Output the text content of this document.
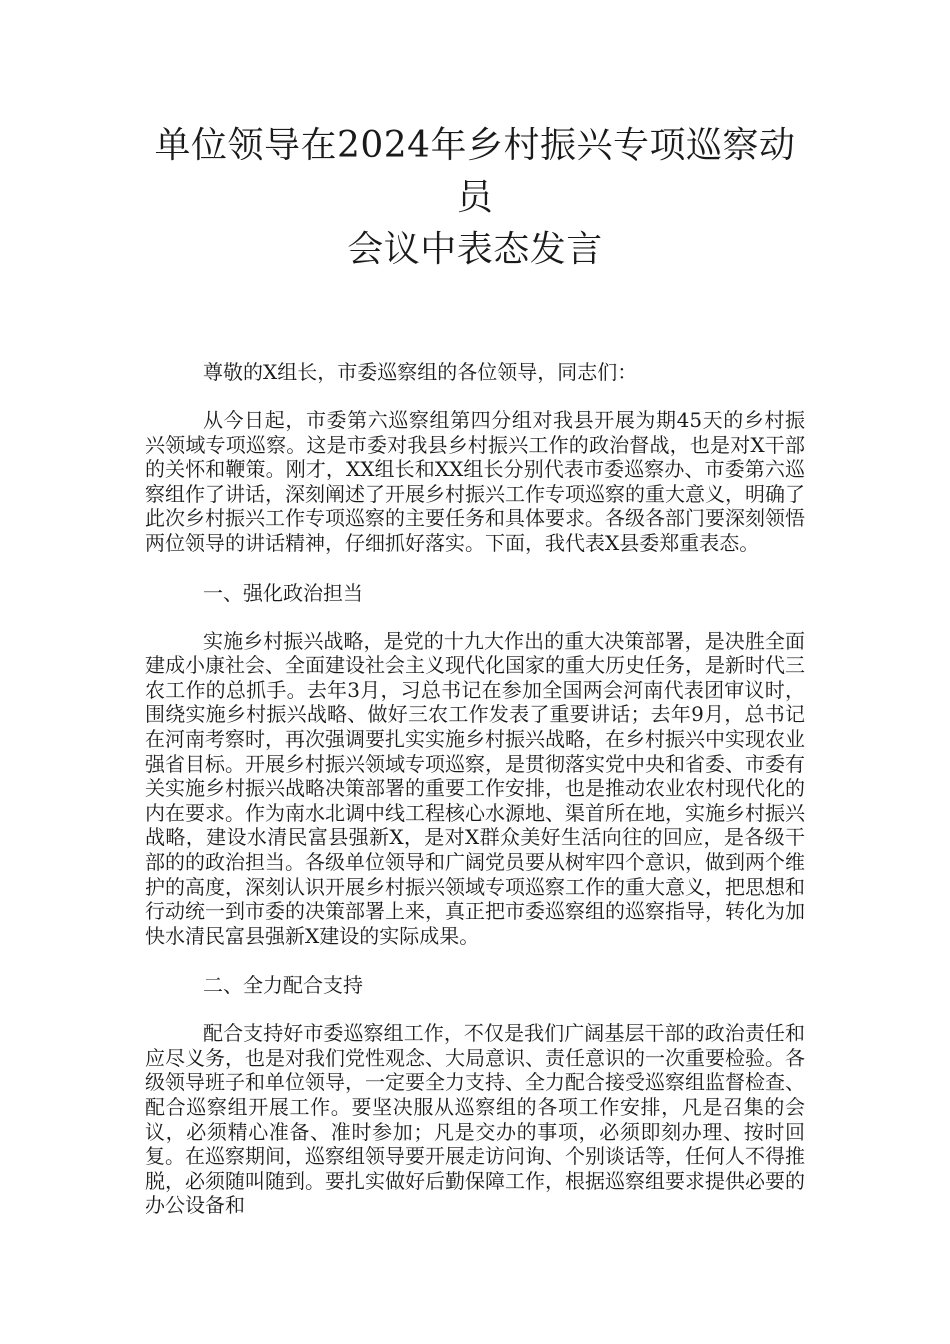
单位领导在2024年乡村振兴专项巡察动员
会议中表态发言

尊敬的X组长，市委巡察组的各位领导，同志们：

从今日起，市委第六巡察组第四分组对我县开展为期45天的乡村振兴领域专项巡察。这是市委对我县乡村振兴工作的政治督战，也是对X干部的关怀和鞭策。刚才，XX组长和XX组长分别代表市委巡察办、市委第六巡察组作了讲话，深刻阐述了开展乡村振兴工作专项巡察的重大意义，明确了此次乡村振兴工作专项巡察的主要任务和具体要求。各级各部门要深刻领悟两位领导的讲话精神，仔细抓好落实。下面，我代表X县委郑重表态。

一、强化政治担当

实施乡村振兴战略，是党的十九大作出的重大决策部署，是决胜全面建成小康社会、全面建设社会主义现代化国家的重大历史任务，是新时代三农工作的总抓手。去年3月，习总书记在参加全国两会河南代表团审议时，围绕实施乡村振兴战略、做好三农工作发表了重要讲话；去年9月，总书记在河南考察时，再次强调要扎实实施乡村振兴战略，在乡村振兴中实现农业强省目标。开展乡村振兴领域专项巡察，是贯彻落实党中央和省委、市委有关实施乡村振兴战略决策部署的重要工作安排，也是推动农业农村现代化的内在要求。作为南水北调中线工程核心水源地、渠首所在地，实施乡村振兴战略，建设水清民富县强新X，是对X群众美好生活向往的回应，是各级干部的的政治担当。各级单位领导和广阔党员要从树牢四个意识，做到两个维护的高度，深刻认识开展乡村振兴领域专项巡察工作的重大意义，把思想和行动统一到市委的决策部署上来，真正把市委巡察组的巡察指导，转化为加快水清民富县强新X建设的实际成果。

二、全力配合支持

配合支持好市委巡察组工作，不仅是我们广阔基层干部的政治责任和应尽义务，也是对我们党性观念、大局意识、责任意识的一次重要检验。各级领导班子和单位领导，一定要全力支持、全力配合接受巡察组监督检查、配合巡察组开展工作。要坚决服从巡察组的各项工作安排，凡是召集的会议，必须精心准备、准时参加；凡是交办的事项，必须即刻办理、按时回复。在巡察期间，巡察组领导要开展走访问询、个别谈话等，任何人不得推脱，必须随叫随到。要扎实做好后勤保障工作，根据巡察组要求提供必要的办公设备和
